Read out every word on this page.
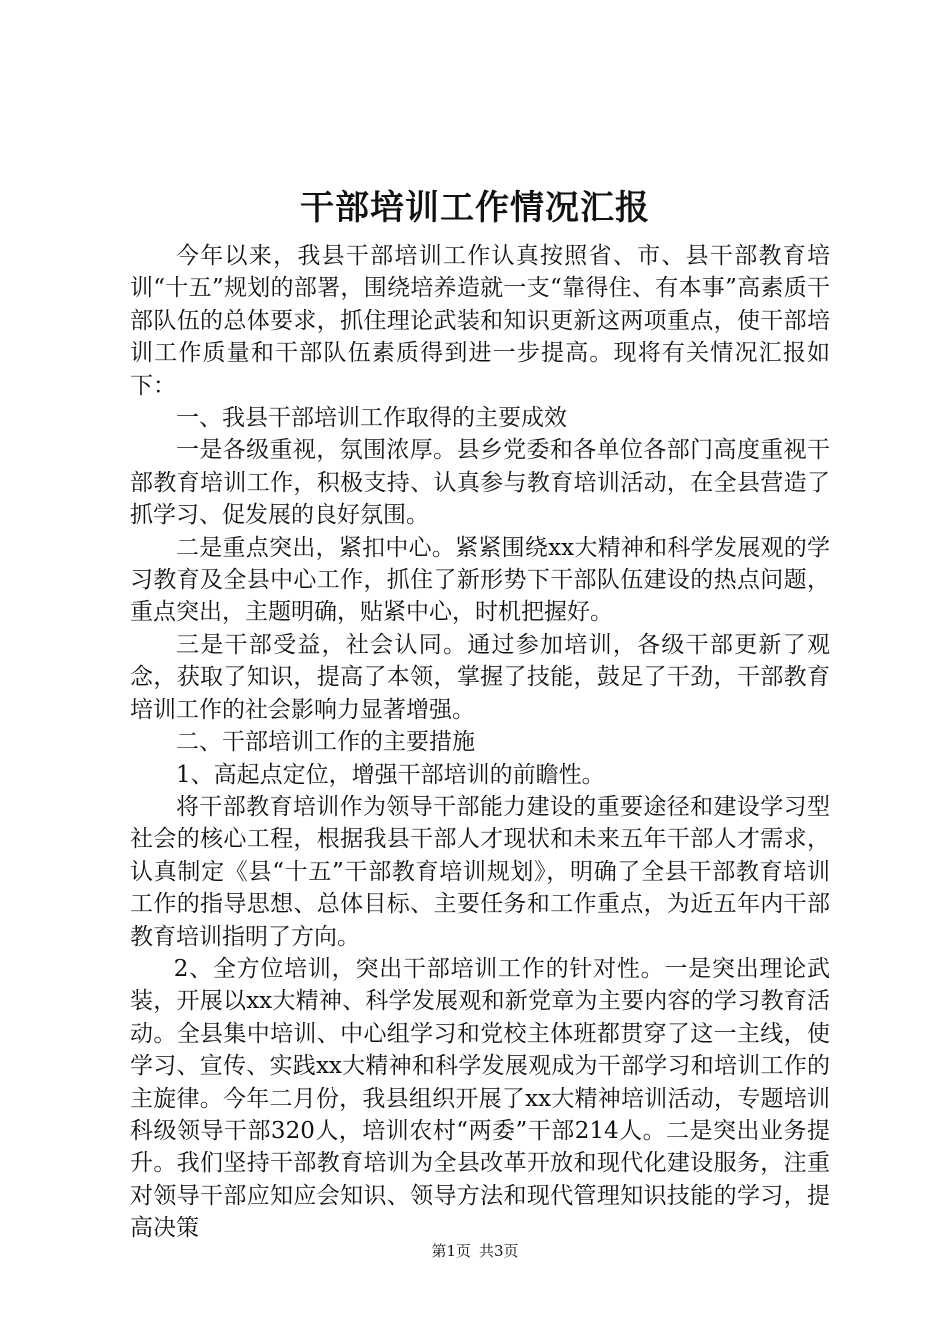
干部培训工作情况汇报

今年以来，我县干部培训工作认真按照省、市、县干部教育培训“十五”规划的部署，围绕培养造就一支“靠得住、有本事”高素质干部队伍的总体要求，抓住理论武装和知识更新这两项重点，使干部培训工作质量和干部队伍素质得到进一步提高。现将有关情况汇报如下：

一、我县干部培训工作取得的主要成效

一是各级重视，氛围浓厚。县乡党委和各单位各部门高度重视干部教育培训工作，积极支持、认真参与教育培训活动，在全县营造了抓学习、促发展的良好氛围。

二是重点突出，紧扣中心。紧紧围绕xx大精神和科学发展观的学习教育及全县中心工作，抓住了新形势下干部队伍建设的热点问题，重点突出，主题明确，贴紧中心，时机把握好。

三是干部受益，社会认同。通过参加培训，各级干部更新了观念，获取了知识，提高了本领，掌握了技能，鼓足了干劲，干部教育培训工作的社会影响力显著增强。

二、干部培训工作的主要措施

1、高起点定位，增强干部培训的前瞻性。

将干部教育培训作为领导干部能力建设的重要途径和建设学习型社会的核心工程，根据我县干部人才现状和未来五年干部人才需求，认真制定《县“十五”干部教育培训规划》，明确了全县干部教育培训工作的指导思想、总体目标、主要任务和工作重点，为近五年内干部教育培训指明了方向。

2、全方位培训，突出干部培训工作的针对性。一是突出理论武装，开展以xx大精神、科学发展观和新党章为主要内容的学习教育活动。全县集中培训、中心组学习和党校主体班都贯穿了这一主线，使学习、宣传、实践xx大精神和科学发展观成为干部学习和培训工作的主旋律。今年二月份，我县组织开展了xx大精神培训活动，专题培训科级领导干部320人，培训农村“两委”干部214人。二是突出业务提升。我们坚持干部教育培训为全县改革开放和现代化建设服务，注重对领导干部应知应会知识、领导方法和现代管理知识技能的学习，提高决策

第1页 共3页
